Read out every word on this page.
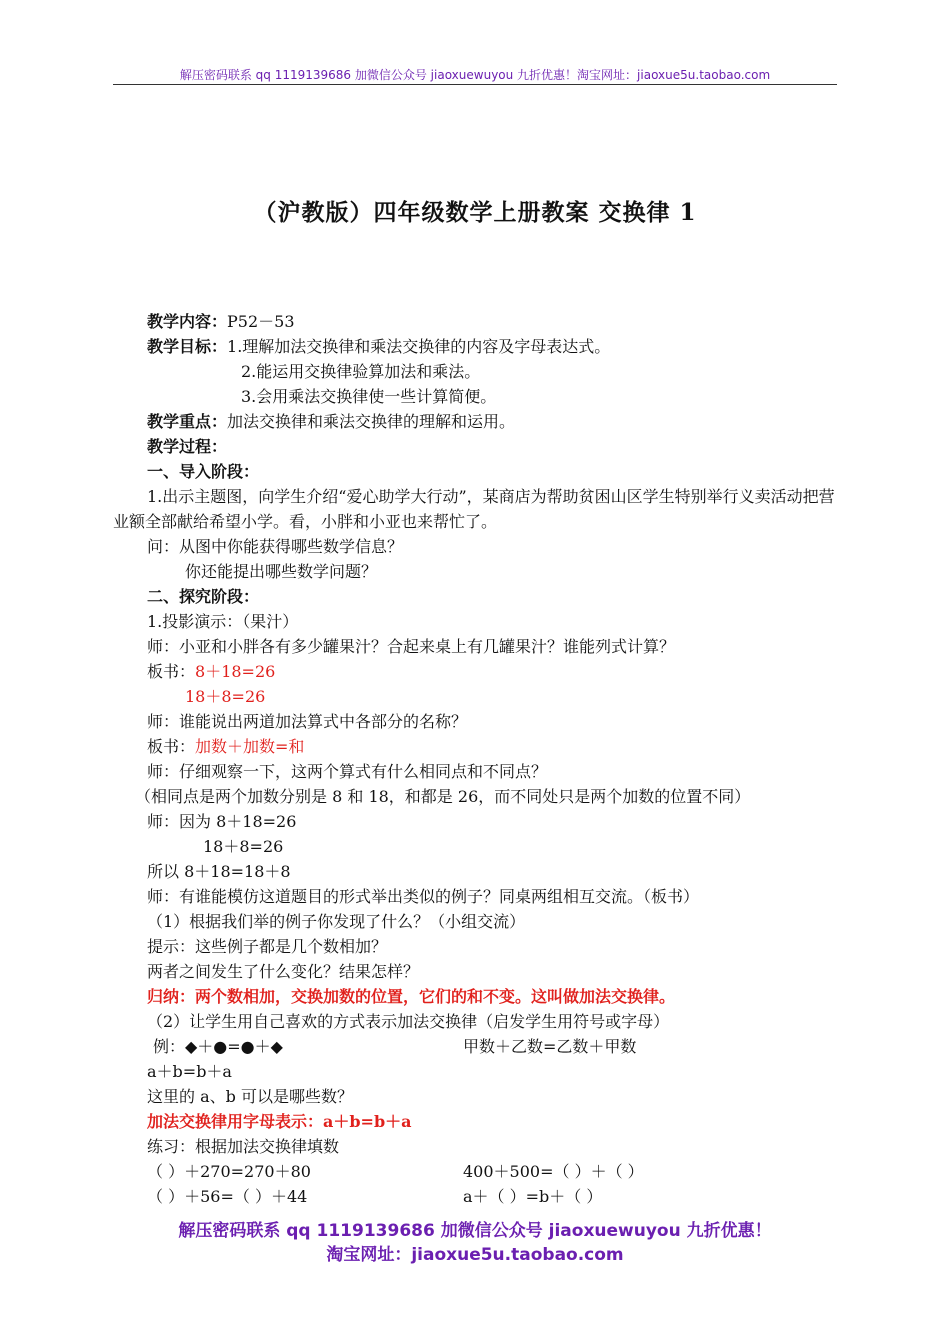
解压密码联系 qq 1119139686 加微信公众号 jiaoxuewuyou 九折优惠！淘宝网址：jiaoxue5u.taobao.com
（沪教版）四年级数学上册教案 交换律 1
教学内容：P52－53
教学目标：1.理解加法交换律和乘法交换律的内容及字母表达式。
2.能运用交换律验算加法和乘法。
3.会用乘法交换律使一些计算简便。
教学重点：加法交换律和乘法交换律的理解和运用。
教学过程：
一、导入阶段：
1.出示主题图，向学生介绍“爱心助学大行动”，某商店为帮助贫困山区学生特别举行义卖活动把营业额全部献给希望小学。看，小胖和小亚也来帮忙了。
问：从图中你能获得哪些数学信息？
你还能提出哪些数学问题？
二、探究阶段：
1.投影演示：（果汁）
师：小亚和小胖各有多少罐果汁？合起来桌上有几罐果汁？谁能列式计算？
板书：8＋18=26
18＋8=26
师：谁能说出两道加法算式中各部分的名称？
板书：加数＋加数=和
师：仔细观察一下，这两个算式有什么相同点和不同点？
（相同点是两个加数分别是 8 和 18，和都是 26，而不同处只是两个加数的位置不同）
师：因为 8＋18=26
18＋8=26
所以 8＋18=18＋8
师：有谁能模仿这道题目的形式举出类似的例子？同桌两组相互交流。（板书）
（1）根据我们举的例子你发现了什么？（小组交流）
提示：这些例子都是几个数相加？
两者之间发生了什么变化？结果怎样？
归纳：两个数相加，交换加数的位置，它们的和不变。这叫做加法交换律。
（2）让学生用自己喜欢的方式表示加法交换律（启发学生用符号或字母）
例：◆＋●=●＋◆	甲数＋乙数=乙数＋甲数
a＋b=b＋a
这里的 a、b 可以是哪些数？
加法交换律用字母表示：a＋b=b＋a
练习：根据加法交换律填数
（ ）＋270=270＋80	400＋500=（ ）＋（ ）
（ ）＋56=（ ）＋44	a＋（ ）=b＋（ ）
解压密码联系 qq 1119139686 加微信公众号 jiaoxuewuyou 九折优惠！
淘宝网址：jiaoxue5u.taobao.com
